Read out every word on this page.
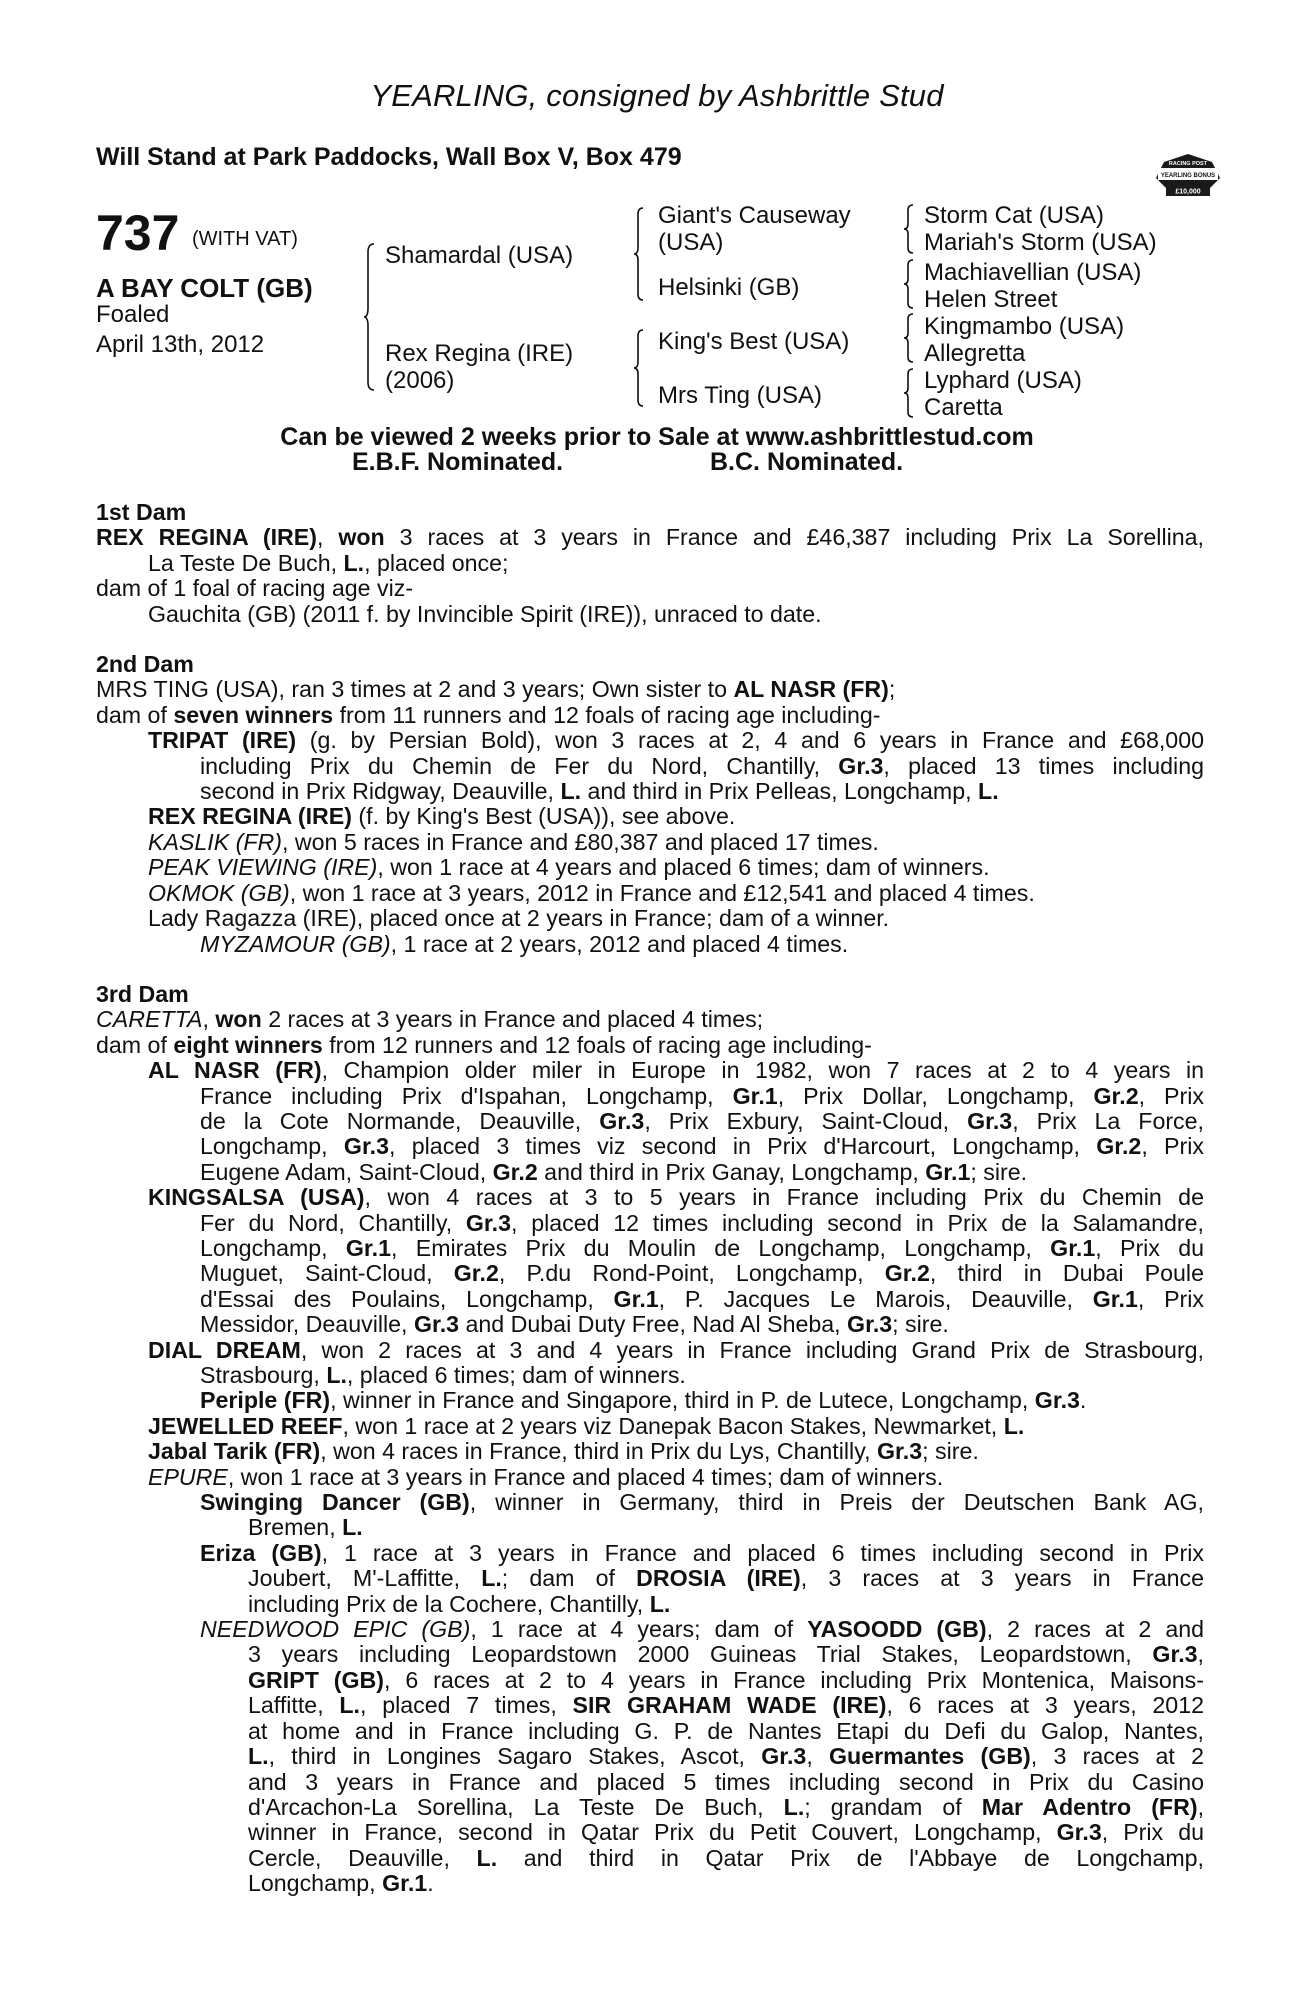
YEARLING, consigned by Ashbrittle Stud
Will Stand at Park Paddocks, Wall Box V, Box 479	RACING POST
YEARLING BONUS
£10,000
737 (WITH VAT)
A BAY COLT (GB)
Foaled
April 13th, 2012
Shamardal (USA)
Rex Regina (IRE)
(2006)
Giant's Causeway
(USA)
Helsinki (GB)
King's Best (USA)
Mrs Ting (USA)
Storm Cat (USA)
Mariah's Storm (USA)
Machiavellian (USA)
Helen Street
Kingmambo (USA)
Allegretta
Lyphard (USA)
Caretta
Can be viewed 2 weeks prior to Sale at www.ashbrittlestud.com
E.B.F. Nominated.	B.C. Nominated.
1st Dam
REX REGINA (IRE), won 3 races at 3 years in France and £46,387 including Prix La Sorellina,
La Teste De Buch, L., placed once;
dam of 1 foal of racing age viz-
Gauchita (GB) (2011 f. by Invincible Spirit (IRE)), unraced to date.
2nd Dam
MRS TING (USA), ran 3 times at 2 and 3 years; Own sister to AL NASR (FR);
dam of seven winners from 11 runners and 12 foals of racing age including-
TRIPAT (IRE) (g. by Persian Bold), won 3 races at 2, 4 and 6 years in France and £68,000
including Prix du Chemin de Fer du Nord, Chantilly, Gr.3, placed 13 times including
second in Prix Ridgway, Deauville, L. and third in Prix Pelleas, Longchamp, L.
REX REGINA (IRE) (f. by King's Best (USA)), see above.
KASLIK (FR), won 5 races in France and £80,387 and placed 17 times.
PEAK VIEWING (IRE), won 1 race at 4 years and placed 6 times; dam of winners.
OKMOK (GB), won 1 race at 3 years, 2012 in France and £12,541 and placed 4 times.
Lady Ragazza (IRE), placed once at 2 years in France; dam of a winner.
MYZAMOUR (GB), 1 race at 2 years, 2012 and placed 4 times.
3rd Dam
CARETTA, won 2 races at 3 years in France and placed 4 times;
dam of eight winners from 12 runners and 12 foals of racing age including-
AL NASR (FR), Champion older miler in Europe in 1982, won 7 races at 2 to 4 years in
France including Prix d'Ispahan, Longchamp, Gr.1, Prix Dollar, Longchamp, Gr.2, Prix
de la Cote Normande, Deauville, Gr.3, Prix Exbury, Saint-Cloud, Gr.3, Prix La Force,
Longchamp, Gr.3, placed 3 times viz second in Prix d'Harcourt, Longchamp, Gr.2, Prix
Eugene Adam, Saint-Cloud, Gr.2 and third in Prix Ganay, Longchamp, Gr.1; sire.
KINGSALSA (USA), won 4 races at 3 to 5 years in France including Prix du Chemin de
Fer du Nord, Chantilly, Gr.3, placed 12 times including second in Prix de la Salamandre,
Longchamp, Gr.1, Emirates Prix du Moulin de Longchamp, Longchamp, Gr.1, Prix du
Muguet, Saint-Cloud, Gr.2, P.du Rond-Point, Longchamp, Gr.2, third in Dubai Poule
d'Essai des Poulains, Longchamp, Gr.1, P. Jacques Le Marois, Deauville, Gr.1, Prix
Messidor, Deauville, Gr.3 and Dubai Duty Free, Nad Al Sheba, Gr.3; sire.
DIAL DREAM, won 2 races at 3 and 4 years in France including Grand Prix de Strasbourg,
Strasbourg, L., placed 6 times; dam of winners.
Periple (FR), winner in France and Singapore, third in P. de Lutece, Longchamp, Gr.3.
JEWELLED REEF, won 1 race at 2 years viz Danepak Bacon Stakes, Newmarket, L.
Jabal Tarik (FR), won 4 races in France, third in Prix du Lys, Chantilly, Gr.3; sire.
EPURE, won 1 race at 3 years in France and placed 4 times; dam of winners.
Swinging Dancer (GB), winner in Germany, third in Preis der Deutschen Bank AG,
Bremen, L.
Eriza (GB), 1 race at 3 years in France and placed 6 times including second in Prix
Joubert, M'-Laffitte, L.; dam of DROSIA (IRE), 3 races at 3 years in France
including Prix de la Cochere, Chantilly, L.
NEEDWOOD EPIC (GB), 1 race at 4 years; dam of YASOODD (GB), 2 races at 2 and
3 years including Leopardstown 2000 Guineas Trial Stakes, Leopardstown, Gr.3,
GRIPT (GB), 6 races at 2 to 4 years in France including Prix Montenica, Maisons-
Laffitte, L., placed 7 times, SIR GRAHAM WADE (IRE), 6 races at 3 years, 2012
at home and in France including G. P. de Nantes Etapi du Defi du Galop, Nantes,
L., third in Longines Sagaro Stakes, Ascot, Gr.3, Guermantes (GB), 3 races at 2
and 3 years in France and placed 5 times including second in Prix du Casino
d'Arcachon-La Sorellina, La Teste De Buch, L.; grandam of Mar Adentro (FR),
winner in France, second in Qatar Prix du Petit Couvert, Longchamp, Gr.3, Prix du
Cercle, Deauville, L. and third in Qatar Prix de l'Abbaye de Longchamp,
Longchamp, Gr.1.
